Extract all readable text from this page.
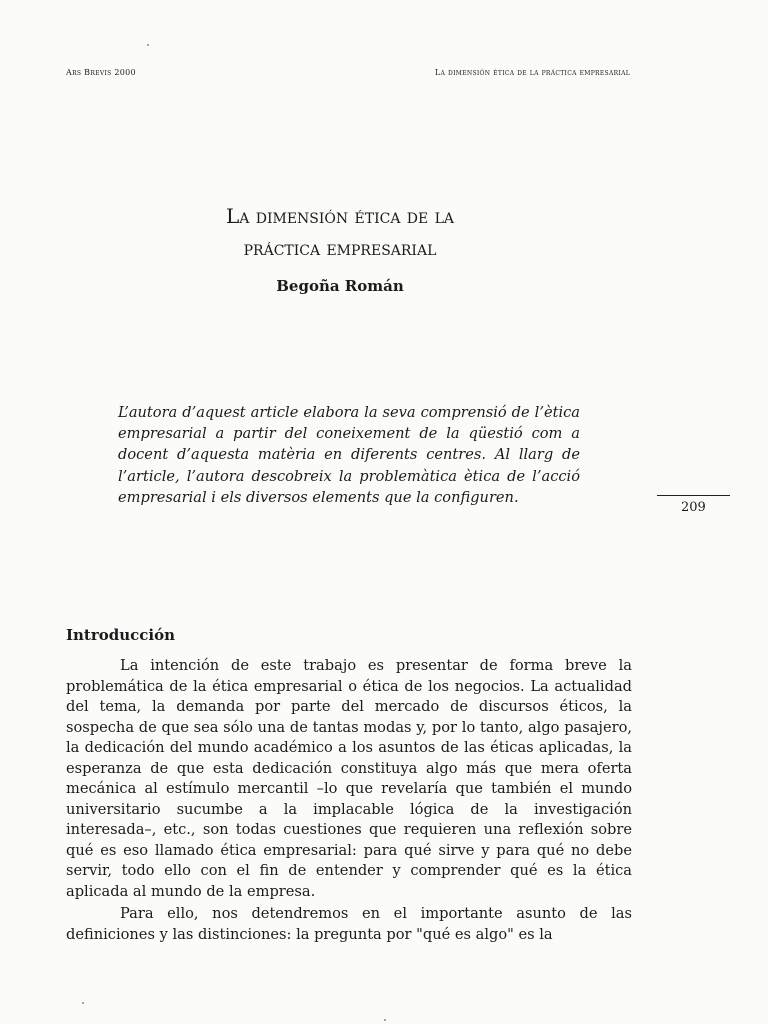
Ars Brevis 2000	La dimensión ética de la práctica empresarial
La dimensión ética de la
práctica empresarial
Begoña Román

L’autora d’aquest article elabora la seva comprensió de l’ètica empresarial a partir del coneixement de la qüestió com a docent d’aquesta matèria en diferents centres. Al llarg de l’article, l’autora descobreix la problemàtica ètica de l’acció empresarial i els diversos elements que la configuren.

209
Introducción

La intención de este trabajo es presentar de forma breve la problemática de la ética empresarial o ética de los negocios. La actualidad del tema, la demanda por parte del mercado de discursos éticos, la sospecha de que sea sólo una de tantas modas y, por lo tanto, algo pasajero, la dedicación del mundo académico a los asuntos de las éticas aplicadas, la esperanza de que esta dedicación constituya algo más que mera oferta mecánica al estímulo mercantil –lo que revelaría que también el mundo universitario sucumbe a la implacable lógica de la investigación interesada–, etc., son todas cuestiones que requieren una reflexión sobre qué es eso llamado ética empresarial: para qué sirve y para qué no debe servir, todo ello con el fin de entender y comprender qué es la ética aplicada al mundo de la empresa.

Para ello, nos detendremos en el importante asunto de las definiciones y las distinciones: la pregunta por "qué es algo" es la
